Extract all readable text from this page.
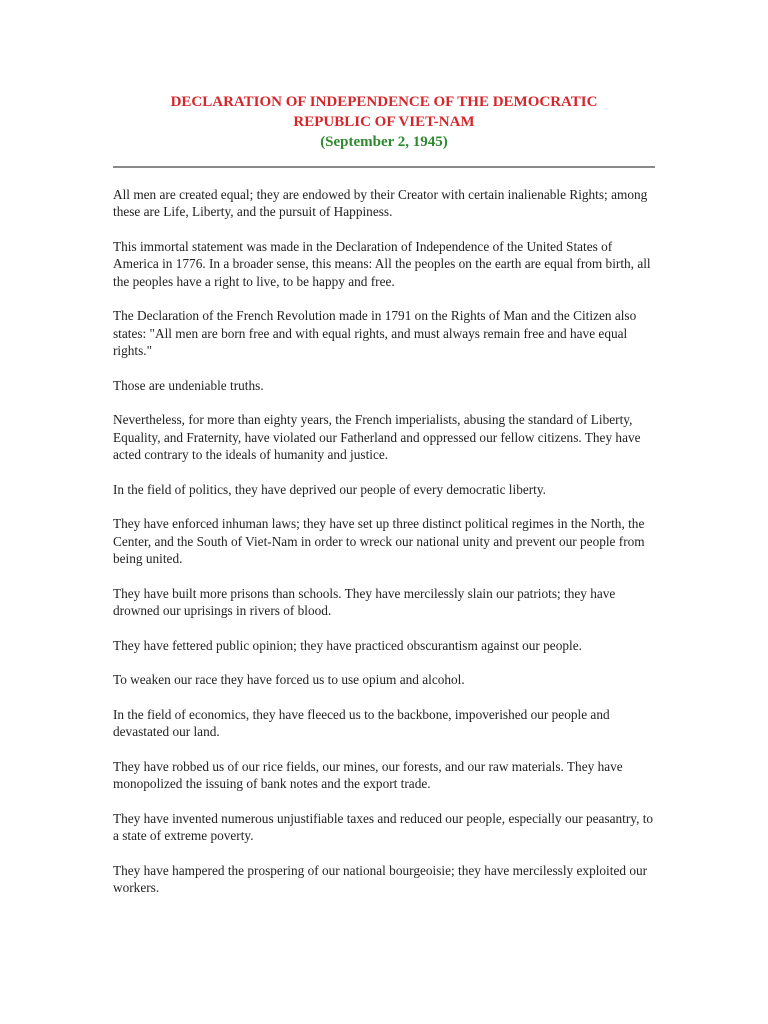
DECLARATION OF INDEPENDENCE OF THE DEMOCRATIC
REPUBLIC OF VIET-NAM
(September 2, 1945)

All men are created equal; they are endowed by their Creator with certain inalienable Rights; among these are Life, Liberty, and the pursuit of Happiness.

This immortal statement was made in the Declaration of Independence of the United States of America in 1776. In a broader sense, this means: All the peoples on the earth are equal from birth, all the peoples have a right to live, to be happy and free.

The Declaration of the French Revolution made in 1791 on the Rights of Man and the Citizen also states: "All men are born free and with equal rights, and must always remain free and have equal rights."

Those are undeniable truths.

Nevertheless, for more than eighty years, the French imperialists, abusing the standard of Liberty, Equality, and Fraternity, have violated our Fatherland and oppressed our fellow citizens. They have acted contrary to the ideals of humanity and justice.

In the field of politics, they have deprived our people of every democratic liberty.

They have enforced inhuman laws; they have set up three distinct political regimes in the North, the Center, and the South of Viet-Nam in order to wreck our national unity and prevent our people from being united.

They have built more prisons than schools. They have mercilessly slain our patriots; they have drowned our uprisings in rivers of blood.

They have fettered public opinion; they have practiced obscurantism against our people.

To weaken our race they have forced us to use opium and alcohol.

In the field of economics, they have fleeced us to the backbone, impoverished our people and devastated our land.

They have robbed us of our rice fields, our mines, our forests, and our raw materials. They have monopolized the issuing of bank notes and the export trade.

They have invented numerous unjustifiable taxes and reduced our people, especially our peasantry, to a state of extreme poverty.

They have hampered the prospering of our national bourgeoisie; they have mercilessly exploited our workers.
